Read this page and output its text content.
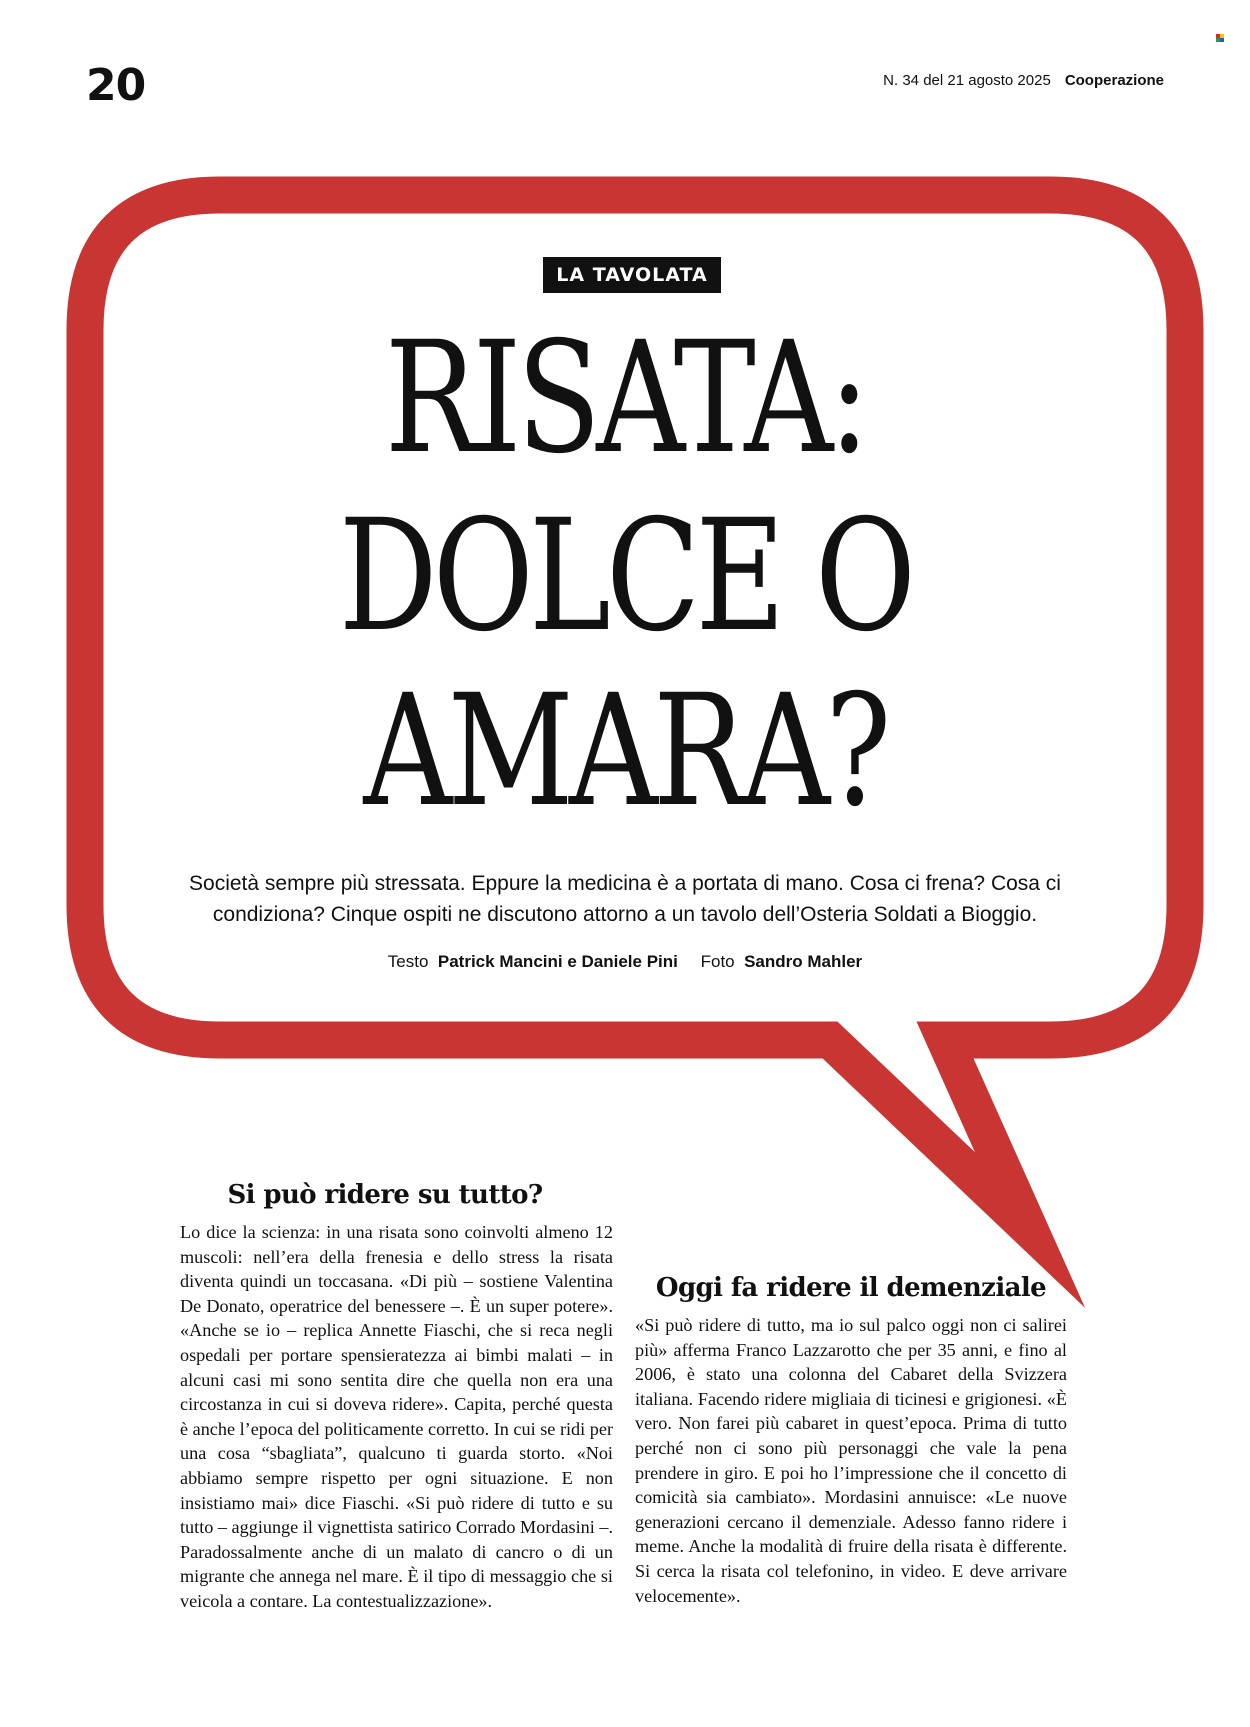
20	N. 34 del 21 agosto 2025 Cooperazione
LA TAVOLATA
RISATA:
DOLCE O
AMARA?

Società sempre più stressata. Eppure la medicina è a portata di mano. Cosa ci frena? Cosa ci condiziona? Cinque ospiti ne discutono attorno a un tavolo dell’Osteria Soldati a Bioggio.

Testo Patrick Mancini e Daniele Pini Foto Sandro Mahler
Si può ridere su tutto?

Lo dice la scienza: in una risata sono coinvolti almeno 12 muscoli: nell’era della frenesia e dello stress la risata diventa quindi un toccasana. «Di più – sostiene Valentina De Donato, operatrice del benessere –. È un super potere». «Anche se io – replica Annette Fiaschi, che si reca negli ospedali per portare spensieratezza ai bimbi malati – in alcuni casi mi sono sentita dire che quella non era una circostanza in cui si doveva ridere». Capita, perché questa è anche l’epoca del politicamente corretto. In cui se ridi per una cosa “sbagliata”, qualcuno ti guarda storto. «Noi abbiamo sempre rispetto per ogni situazione. E non insistiamo mai» dice Fiaschi. «Si può ridere di tutto e su tutto – aggiunge il vignettista satirico Corrado Mordasini –. Paradossalmente anche di un malato di cancro o di un migrante che annega nel mare. È il tipo di messaggio che si veicola a contare. La contestualizzazione».

Oggi fa ridere il demenziale

«Si può ridere di tutto, ma io sul palco oggi non ci salirei più» afferma Franco Lazzarotto che per 35 anni, e fino al 2006, è stato una colonna del Cabaret della Svizzera italiana. Facendo ridere migliaia di ticinesi e grigionesi. «È vero. Non farei più cabaret in quest’epoca. Prima di tutto perché non ci sono più personaggi che vale la pena prendere in giro. E poi ho l’impressione che il concetto di comicità sia cambiato». Mordasini annuisce: «Le nuove generazioni cercano il demenziale. Adesso fanno ridere i meme. Anche la modalità di fruire della risata è differente. Si cerca la risata col telefonino, in video. E deve arrivare velocemente».
